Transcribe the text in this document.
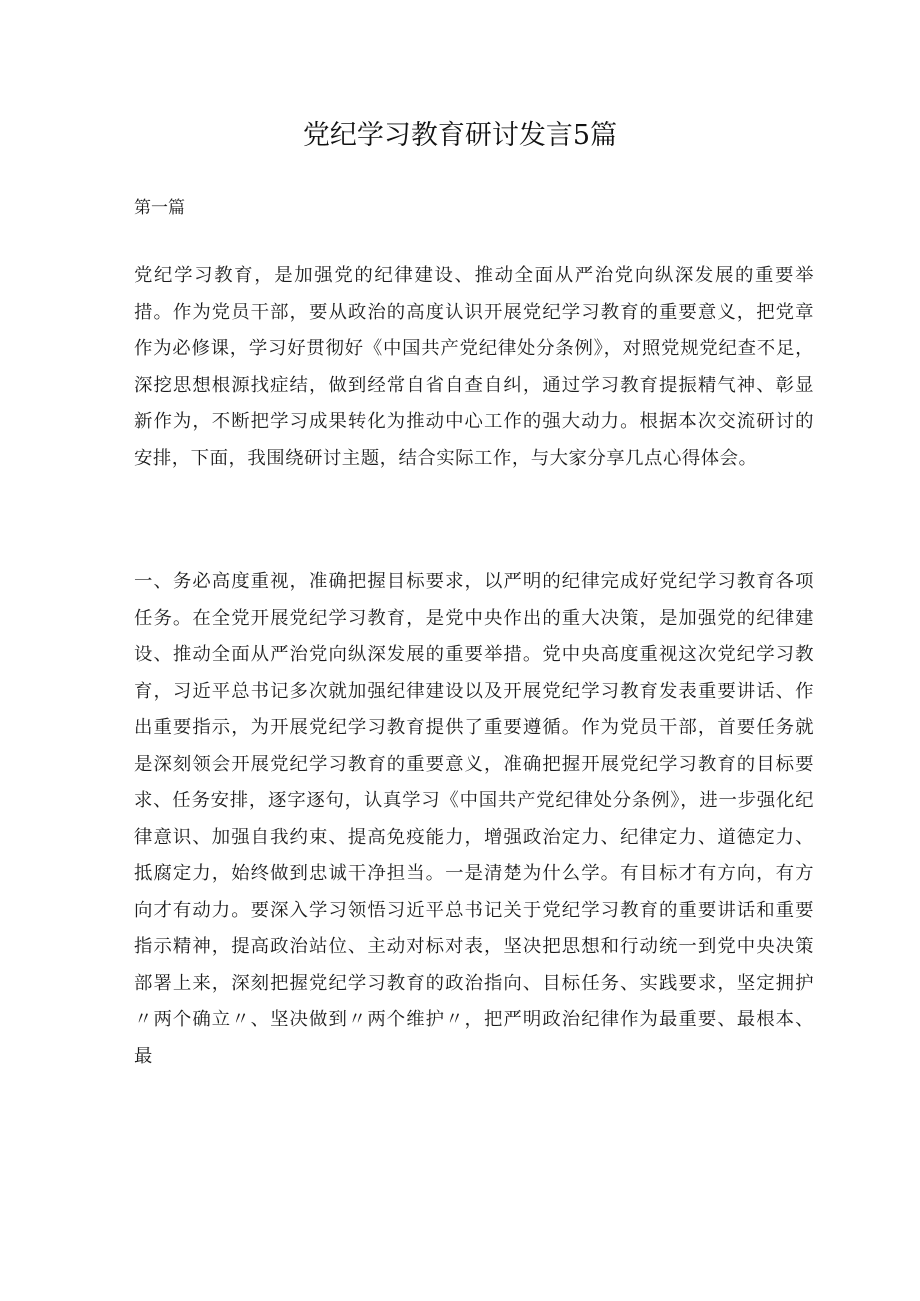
党纪学习教育研讨发言5篇

第一篇

党纪学习教育，是加强党的纪律建设、推动全面从严治党向纵深发展的重要举措。作为党员干部，要从政治的高度认识开展党纪学习教育的重要意义，把党章作为必修课，学习好贯彻好《中国共产党纪律处分条例》，对照党规党纪查不足，深挖思想根源找症结，做到经常自省自查自纠，通过学习教育提振精气神、彰显新作为，不断把学习成果转化为推动中心工作的强大动力。根据本次交流研讨的安排，下面，我围绕研讨主题，结合实际工作，与大家分享几点心得体会。

一、务必高度重视，准确把握目标要求，以严明的纪律完成好党纪学习教育各项任务。在全党开展党纪学习教育，是党中央作出的重大决策，是加强党的纪律建设、推动全面从严治党向纵深发展的重要举措。党中央高度重视这次党纪学习教育，习近平总书记多次就加强纪律建设以及开展党纪学习教育发表重要讲话、作出重要指示，为开展党纪学习教育提供了重要遵循。作为党员干部，首要任务就是深刻领会开展党纪学习教育的重要意义，准确把握开展党纪学习教育的目标要求、任务安排，逐字逐句，认真学习《中国共产党纪律处分条例》，进一步强化纪律意识、加强自我约束、提高免疫能力，增强政治定力、纪律定力、道德定力、抵腐定力，始终做到忠诚干净担当。一是清楚为什么学。有目标才有方向，有方向才有动力。要深入学习领悟习近平总书记关于党纪学习教育的重要讲话和重要指示精神，提高政治站位、主动对标对表，坚决把思想和行动统一到党中央决策部署上来，深刻把握党纪学习教育的政治指向、目标任务、实践要求，坚定拥护〃两个确立〃、坚决做到〃两个维护〃，把严明政治纪律作为最重要、最根本、最
